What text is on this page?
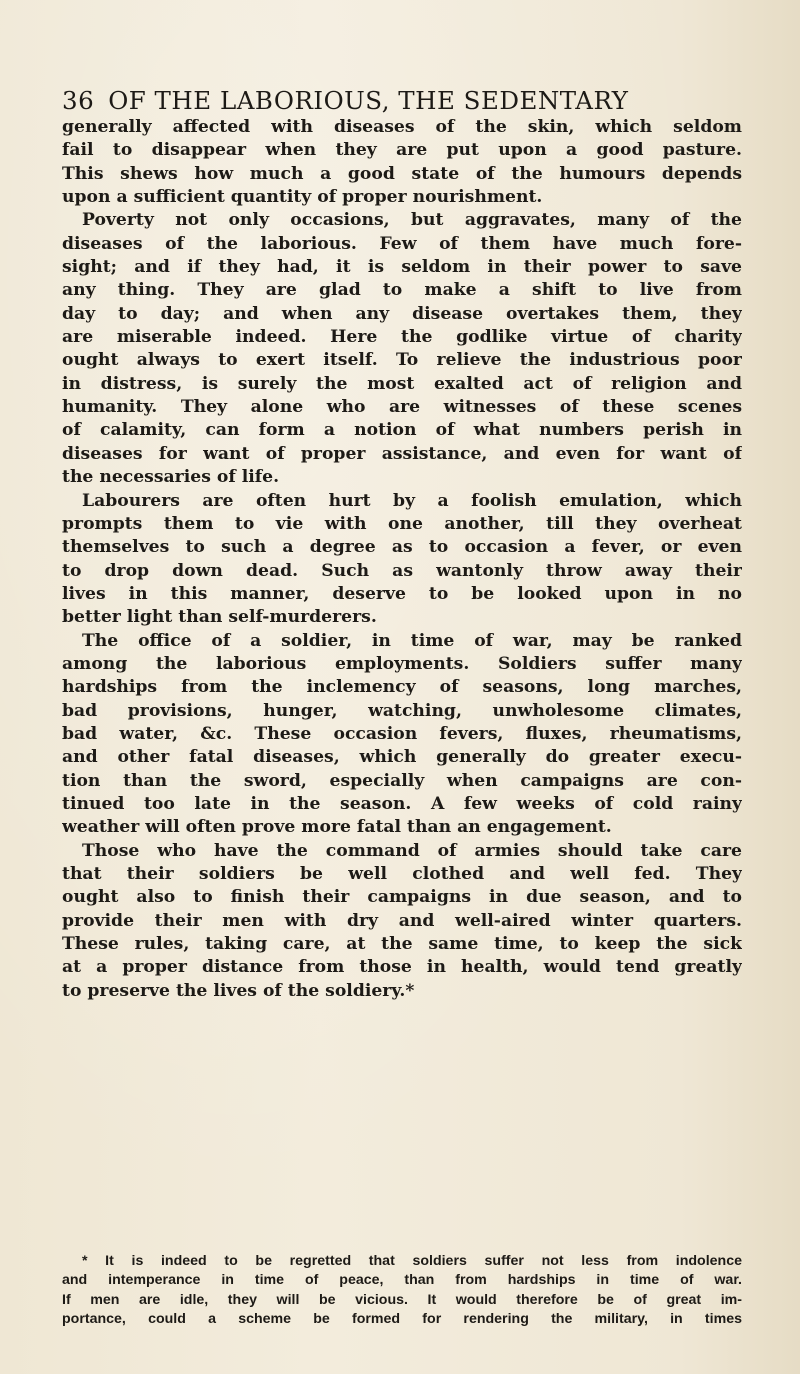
36 OF THE LABORIOUS, THE SEDENTARY
generally affected with diseases of the skin, which seldom
fail to disappear when they are put upon a good pasture.
This shews how much a good state of the humours depends
upon a sufficient quantity of proper nourishment.
Poverty not only occasions, but aggravates, many of the
diseases of the laborious. Few of them have much fore-
sight; and if they had, it is seldom in their power to save
any thing. They are glad to make a shift to live from
day to day; and when any disease overtakes them, they
are miserable indeed. Here the godlike virtue of charity
ought always to exert itself. To relieve the industrious poor
in distress, is surely the most exalted act of religion and
humanity. They alone who are witnesses of these scenes
of calamity, can form a notion of what numbers perish in
diseases for want of proper assistance, and even for want of
the necessaries of life.
Labourers are often hurt by a foolish emulation, which
prompts them to vie with one another, till they overheat
themselves to such a degree as to occasion a fever, or even
to drop down dead. Such as wantonly throw away their
lives in this manner, deserve to be looked upon in no
better light than self-murderers.
The office of a soldier, in time of war, may be ranked
among the laborious employments. Soldiers suffer many
hardships from the inclemency of seasons, long marches,
bad provisions, hunger, watching, unwholesome climates,
bad water, &c. These occasion fevers, fluxes, rheumatisms,
and other fatal diseases, which generally do greater execu-
tion than the sword, especially when campaigns are con-
tinued too late in the season. A few weeks of cold rainy
weather will often prove more fatal than an engagement.
Those who have the command of armies should take care
that their soldiers be well clothed and well fed. They
ought also to finish their campaigns in due season, and to
provide their men with dry and well-aired winter quarters.
These rules, taking care, at the same time, to keep the sick
at a proper distance from those in health, would tend greatly
to preserve the lives of the soldiery.*
* It is indeed to be regretted that soldiers suffer not less from indolence
and intemperance in time of peace, than from hardships in time of war.
If men are idle, they will be vicious. It would therefore be of great im-
portance, could a scheme be formed for rendering the military, in times
